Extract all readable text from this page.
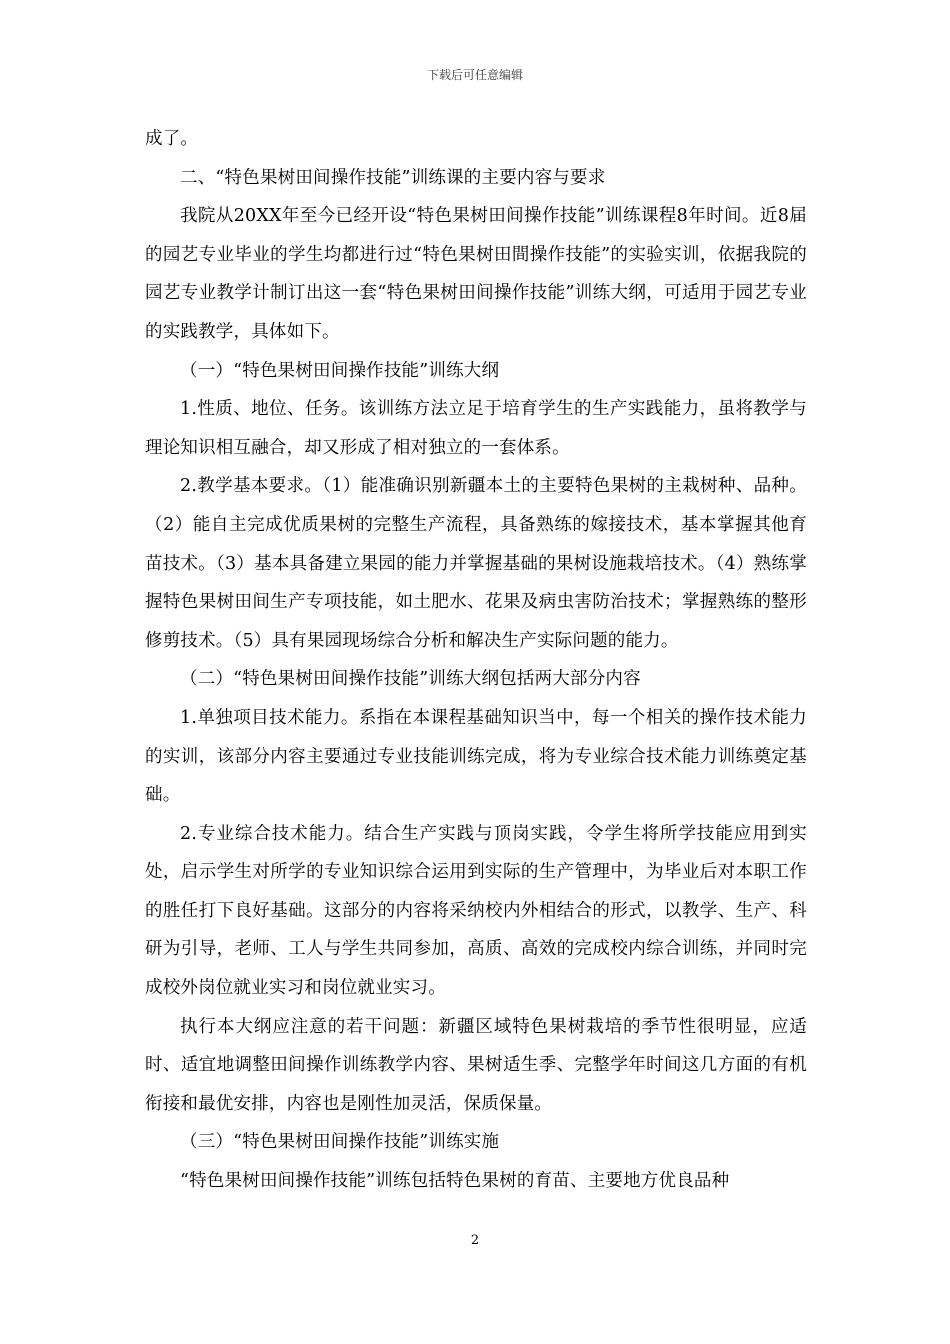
下载后可任意编辑

成了。

二、“特色果树田间操作技能”训练课的主要内容与要求

我院从20XX年至今已经开设“特色果树田间操作技能”训练课程8年时间。近8届的园艺专业毕业的学生均都进行过“特色果树田間操作技能”的实验实训，依据我院的园艺专业教学计制订出这一套“特色果树田间操作技能”训练大纲，可适用于园艺专业的实践教学，具体如下。

（一）“特色果树田间操作技能”训练大纲

1.性质、地位、任务。该训练方法立足于培育学生的生产实践能力，虽将教学与理论知识相互融合，却又形成了相对独立的一套体系。

2.教学基本要求。（1）能准确识别新疆本土的主要特色果树的主栽树种、品种。（2）能自主完成优质果树的完整生产流程，具备熟练的嫁接技术，基本掌握其他育苗技术。（3）基本具备建立果园的能力并掌握基础的果树设施栽培技术。（4）熟练掌握特色果树田间生产专项技能，如土肥水、花果及病虫害防治技术；掌握熟练的整形修剪技术。（5）具有果园现场综合分析和解决生产实际问题的能力。

（二）“特色果树田间操作技能”训练大纲包括两大部分内容

1.单独项目技术能力。系指在本课程基础知识当中，每一个相关的操作技术能力的实训，该部分内容主要通过专业技能训练完成，将为专业综合技术能力训练奠定基础。

2.专业综合技术能力。结合生产实践与顶岗实践，令学生将所学技能应用到实处，启示学生对所学的专业知识综合运用到实际的生产管理中，为毕业后对本职工作的胜任打下良好基础。这部分的内容将采纳校内外相结合的形式，以教学、生产、科研为引导，老师、工人与学生共同参加，高质、高效的完成校内综合训练，并同时完成校外岗位就业实习和岗位就业实习。

执行本大纲应注意的若干问题：新疆区域特色果树栽培的季节性很明显，应适时、适宜地调整田间操作训练教学内容、果树适生季、完整学年时间这几方面的有机衔接和最优安排，内容也是刚性加灵活，保质保量。

（三）“特色果树田间操作技能”训练实施

“特色果树田间操作技能”训练包括特色果树的育苗、主要地方优良品种

2
